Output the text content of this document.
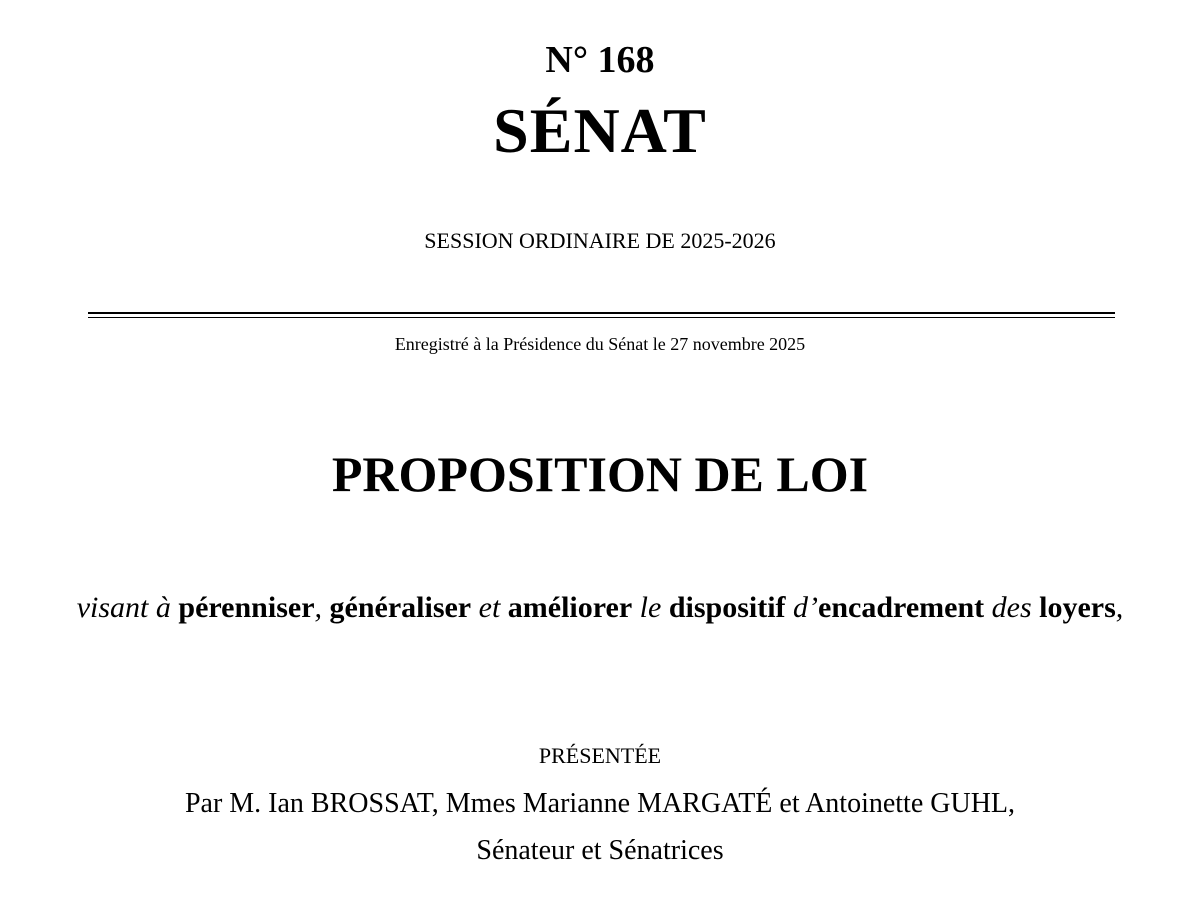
N° 168
SÉNAT
SESSION ORDINAIRE DE 2025-2026
Enregistré à la Présidence du Sénat le 27 novembre 2025
PROPOSITION DE LOI
visant à pérenniser, généraliser et améliorer le dispositif d’encadrement des loyers,
PRÉSENTÉE
Par M. Ian BROSSAT, Mmes Marianne MARGATÉ et Antoinette GUHL,
Sénateur et Sénatrices
